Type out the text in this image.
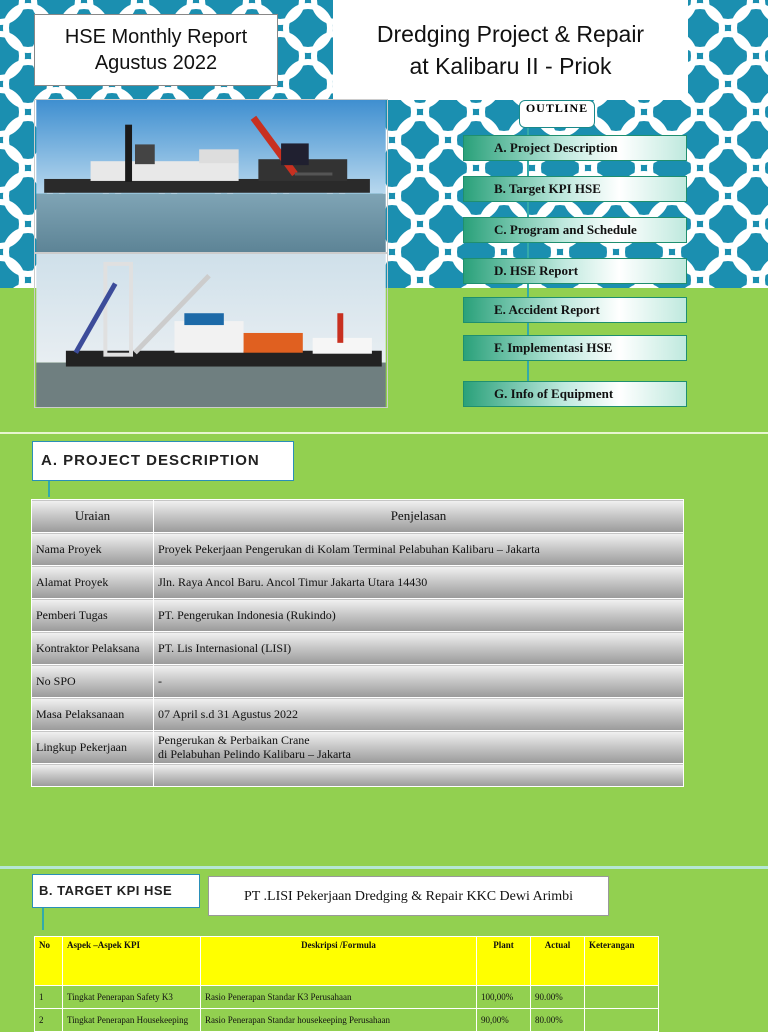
HSE Monthly Report
Agustus 2022
Dredging Project & Repair
at Kalibaru II - Priok
OUTLINE
A. Project Description
B. Target KPI HSE
C. Program and Schedule
D. HSE Report
E. Accident Report
F. Implementasi HSE
G. Info of Equipment
A. PROJECT DESCRIPTION
Uraian	Penjelasan
Nama Proyek	Proyek Pekerjaan Pengerukan di Kolam Terminal Pelabuhan Kalibaru – Jakarta
Alamat Proyek	Jln. Raya Ancol Baru. Ancol Timur Jakarta Utara 14430
Pemberi Tugas	PT. Pengerukan Indonesia (Rukindo)
Kontraktor Pelaksana	PT. Lis Internasional (LISI)
No SPO	-
Masa Pelaksanaan	07 April s.d 31 Agustus 2022
Lingkup Pekerjaan	Pengerukan & Perbaikan Crane
di Pelabuhan Pelindo Kalibaru – Jakarta

B. TARGET KPI HSE	PT .LISI Pekerjaan Dredging & Repair KKC Dewi Arimbi
No	Aspek –Aspek KPI	Deskripsi /Formula	Plant	Actual	Keterangan
1	Tingkat Penerapan Safety K3	Rasio Penerapan Standar K3 Perusahaan	100,00%	90.00%	
2	Tingkat Penerapan Housekeeping	Rasio Penerapan Standar housekeeping Perusahaan	90,00%	80.00%	
